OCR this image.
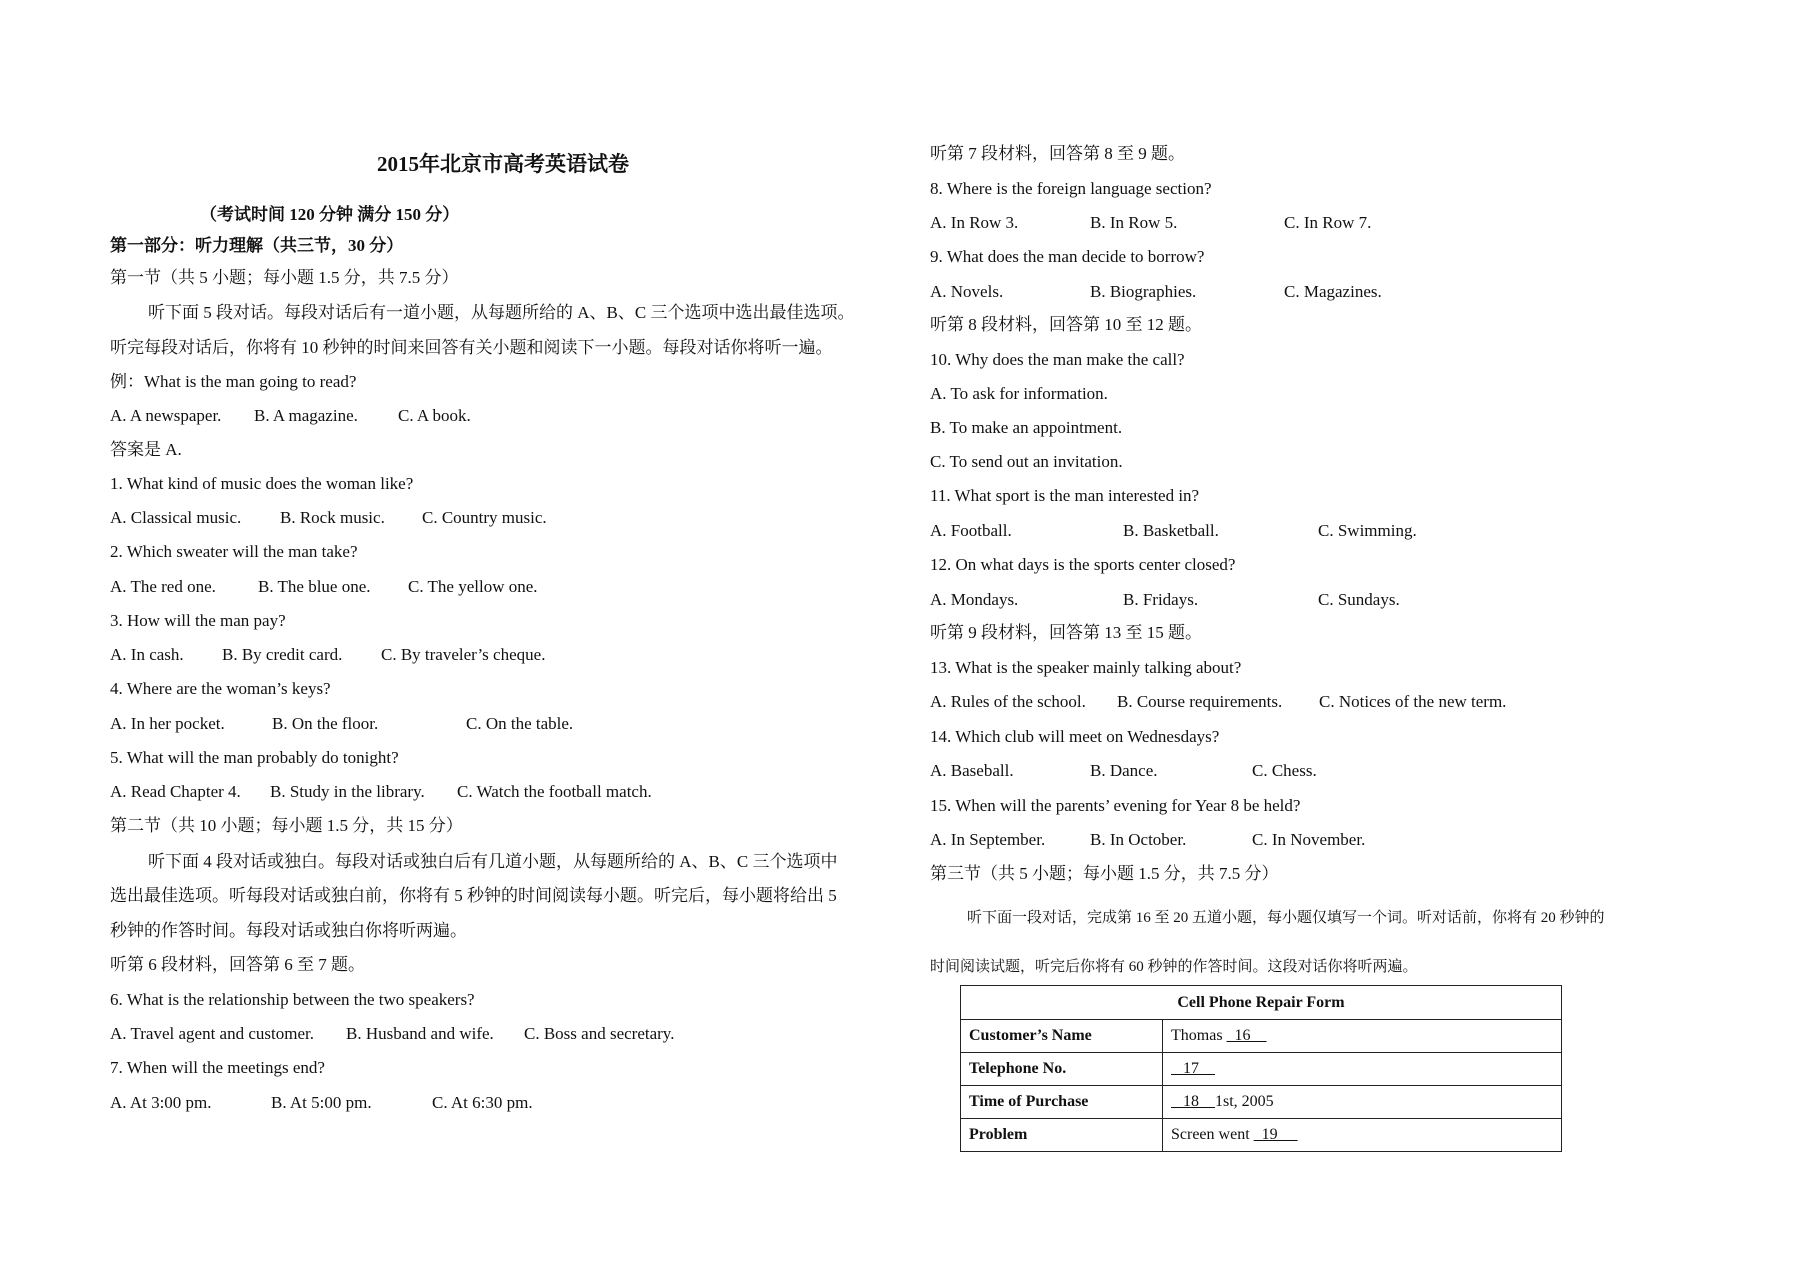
2015年北京市高考英语试卷
（考试时间 120 分钟 满分 150 分）
第一部分：听力理解（共三节，30 分）
第一节（共 5 小题；每小题 1.5 分，共 7.5 分）
听下面 5 段对话。每段对话后有一道小题，从每题所给的 A、B、C 三个选项中选出最佳选项。
听完每段对话后，你将有 10 秒钟的时间来回答有关小题和阅读下一小题。每段对话你将听一遍。
例：What is the man going to read?
A. A newspaper. B. A magazine. C. A book.
答案是 A.
1. What kind of music does the woman like?
A. Classical music. B. Rock music. C. Country music.
2. Which sweater will the man take?
A. The red one. B. The blue one. C. The yellow one.
3. How will the man pay?
A. In cash. B. By credit card. C. By traveler’s cheque.
4. Where are the woman’s keys?
A. In her pocket.	B. On the floor.	C. On the table.
5. What will the man probably do tonight?
A. Read Chapter 4. B. Study in the library. C. Watch the football match.
第二节（共 10 小题；每小题 1.5 分，共 15 分）
听下面 4 段对话或独白。每段对话或独白后有几道小题，从每题所给的 A、B、C 三个选项中
选出最佳选项。听每段对话或独白前，你将有 5 秒钟的时间阅读每小题。听完后，每小题将给出 5
秒钟的作答时间。每段对话或独白你将听两遍。
听第 6 段材料，回答第 6 至 7 题。
6. What is the relationship between the two speakers?
A. Travel agent and customer. B. Husband and wife. C. Boss and secretary.
7. When will the meetings end?
A. At 3:00 pm.	B. At 5:00 pm.	C. At 6:30 pm.
听第 7 段材料，回答第 8 至 9 题。
8. Where is the foreign language section?
A. In Row 3.	B. In Row 5.	C. In Row 7.
9. What does the man decide to borrow?
A. Novels.	B. Biographies.	C. Magazines.
听第 8 段材料，回答第 10 至 12 题。
10. Why does the man make the call?
A. To ask for information.
B. To make an appointment.
C. To send out an invitation.
11. What sport is the man interested in?
A. Football.	B. Basketball.	C. Swimming.
12. On what days is the sports center closed?
A. Mondays.	B. Fridays.	C. Sundays.
听第 9 段材料，回答第 13 至 15 题。
13. What is the speaker mainly talking about?
A. Rules of the school. B. Course requirements. C. Notices of the new term.
14. Which club will meet on Wednesdays?
A. Baseball.	B. Dance.	C. Chess.
15. When will the parents’ evening for Year 8 be held?
A. In September.	B. In October.	C. In November.
第三节（共 5 小题；每小题 1.5 分，共 7.5 分）
听下面一段对话，完成第 16 至 20 五道小题，每小题仅填写一个词。听对话前，你将有 20 秒钟的
时间阅读试题，听完后你将有 60 秒钟的作答时间。这段对话你将听两遍。
Cell Phone Repair Form	
Customer’s Name	Thomas   16
Telephone No.	17
Time of Purchase	18    1st, 2005
Problem	Screen went   19
